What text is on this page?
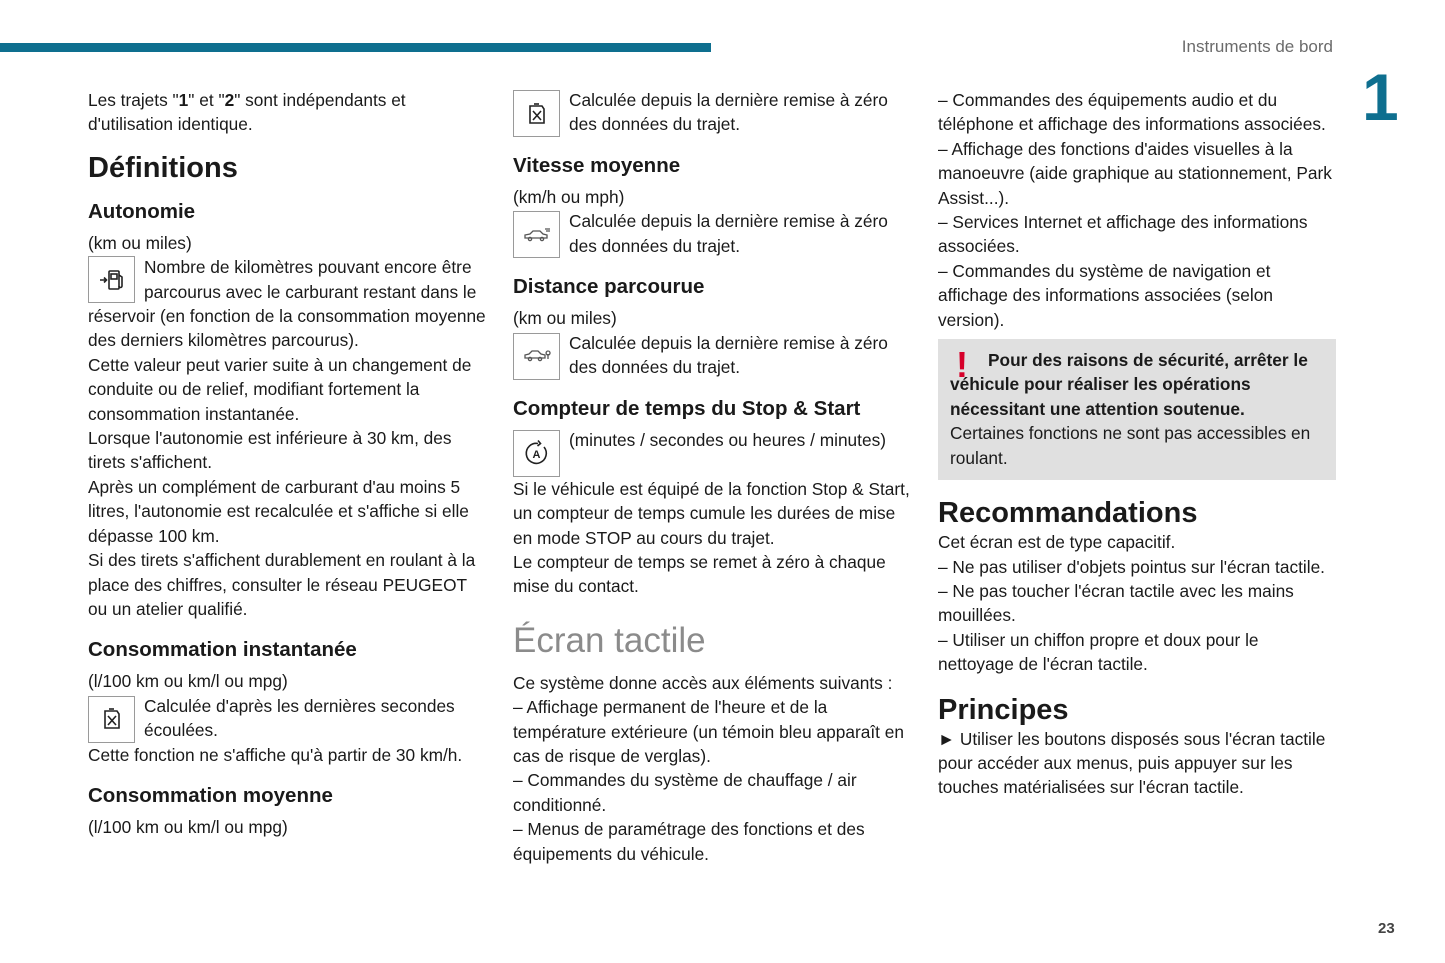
Instruments de bord
1
23

Les trajets "1" et "2" sont indépendants et d'utilisation identique.

Définitions
Autonomie

(km ou miles)

Nombre de kilomètres pouvant encore être parcourus avec le carburant restant dans le réservoir (en fonction de la consommation moyenne des derniers kilomètres parcourus).

Cette valeur peut varier suite à un changement de conduite ou de relief, modifiant fortement la consommation instantanée.

Lorsque l'autonomie est inférieure à 30 km, des tirets s'affichent.

Après un complément de carburant d'au moins 5 litres, l'autonomie est recalculée et s'affiche si elle dépasse 100 km.

Si des tirets s'affichent durablement en roulant à la place des chiffres, consulter le réseau PEUGEOT ou un atelier qualifié.

Consommation instantanée

(l/100 km ou km/l ou mpg)

Calculée d'après les dernières secondes écoulées.

Cette fonction ne s'affiche qu'à partir de 30 km/h.

Consommation moyenne

(l/100 km ou km/l ou mpg)

Calculée depuis la dernière remise à zéro des données du trajet.
Vitesse moyenne

(km/h ou mph)

Calculée depuis la dernière remise à zéro des données du trajet.
Distance parcourue

(km ou miles)

Calculée depuis la dernière remise à zéro des données du trajet.
Compteur de temps du Stop & Start
A
(minutes / secondes ou heures / minutes)

Si le véhicule est équipé de la fonction Stop & Start, un compteur de temps cumule les durées de mise en mode STOP au cours du trajet.

Le compteur de temps se remet à zéro à chaque mise du contact.

Écran tactile

Ce système donne accès aux éléments suivants :

– Affichage permanent de l'heure et de la température extérieure (un témoin bleu apparaît en cas de risque de verglas).

– Commandes du système de chauffage / air conditionné.

– Menus de paramétrage des fonctions et des équipements du véhicule.

– Commandes des équipements audio et du téléphone et affichage des informations associées.

– Affichage des fonctions d'aides visuelles à la manoeuvre (aide graphique au stationnement, Park Assist...).

– Services Internet et affichage des informations associées.

– Commandes du système de navigation et affichage des informations associées (selon version).

!	Pour des raisons de sécurité, arrêter le véhicule pour réaliser les opérations nécessitant une attention soutenue.

Certaines fonctions ne sont pas accessibles en roulant.

Recommandations

Cet écran est de type capacitif.

– Ne pas utiliser d'objets pointus sur l'écran tactile.

– Ne pas toucher l'écran tactile avec les mains mouillées.

– Utiliser un chiffon propre et doux pour le nettoyage de l'écran tactile.

Principes

► Utiliser les boutons disposés sous l'écran tactile pour accéder aux menus, puis appuyer sur les touches matérialisées sur l'écran tactile.
